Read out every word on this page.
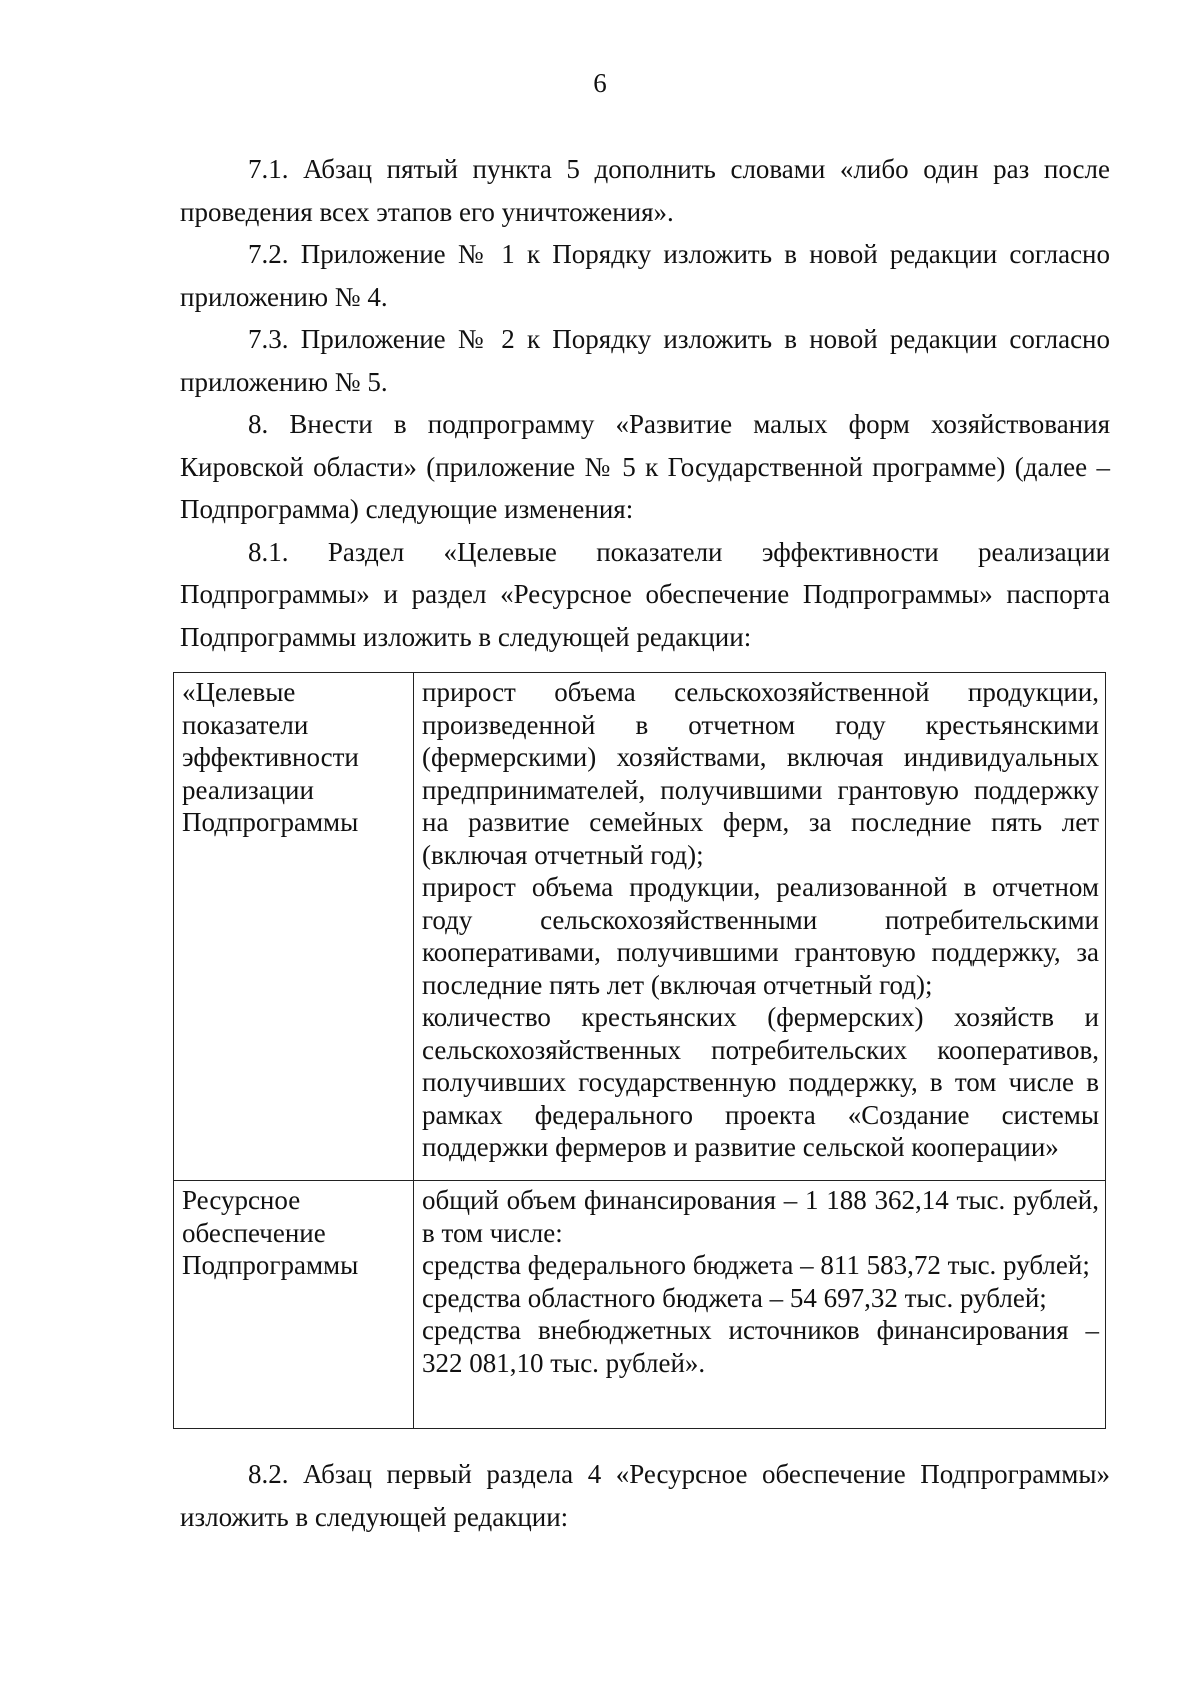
6

7.1. Абзац пятый пункта 5 дополнить словами «либо один раз после проведения всех этапов его уничтожения».

7.2. Приложение № 1 к Порядку изложить в новой редакции согласно приложению № 4.

7.3. Приложение № 2 к Порядку изложить в новой редакции согласно приложению № 5.

8. Внести в подпрограмму «Развитие малых форм хозяйствования Кировской области» (приложение № 5 к Государственной программе) (далее – Подпрограмма) следующие изменения:

8.1. Раздел «Целевые показатели эффективности реализации Подпрограммы» и раздел «Ресурсное обеспечение Подпрограммы» паспорта Подпрограммы изложить в следующей редакции:

«Целевые показатели эффективности реализации Подпрограммы	прирост объема сельскохозяйственной продукции, произведенной в отчетном году крестьянскими (фермерскими) хозяйствами, включая индивидуальных предпринимателей, получившими грантовую поддержку на развитие семейных ферм, за последние пять лет (включая отчетный год);
прирост объема продукции, реализованной в отчетном году сельскохозяйственными потребительскими кооперативами, получившими грантовую поддержку, за последние пять лет (включая отчетный год);
количество крестьянских (фермерских) хозяйств и сельскохозяйственных потребительских кооперативов, получивших государственную поддержку, в том числе в рамках федерального проекта «Создание системы поддержки фермеров и развитие сельской кооперации»

Ресурсное обеспечение Подпрограммы	общий объем финансирования – 1 188 362,14 тыс. рублей, в том числе:
средства федерального бюджета – 811 583,72 тыс. рублей;
средства областного бюджета – 54 697,32 тыс. рублей;
средства внебюджетных источников финансирования – 322 081,10 тыс. рублей».

8.2. Абзац первый раздела 4 «Ресурсное обеспечение Подпрограммы» изложить в следующей редакции:
